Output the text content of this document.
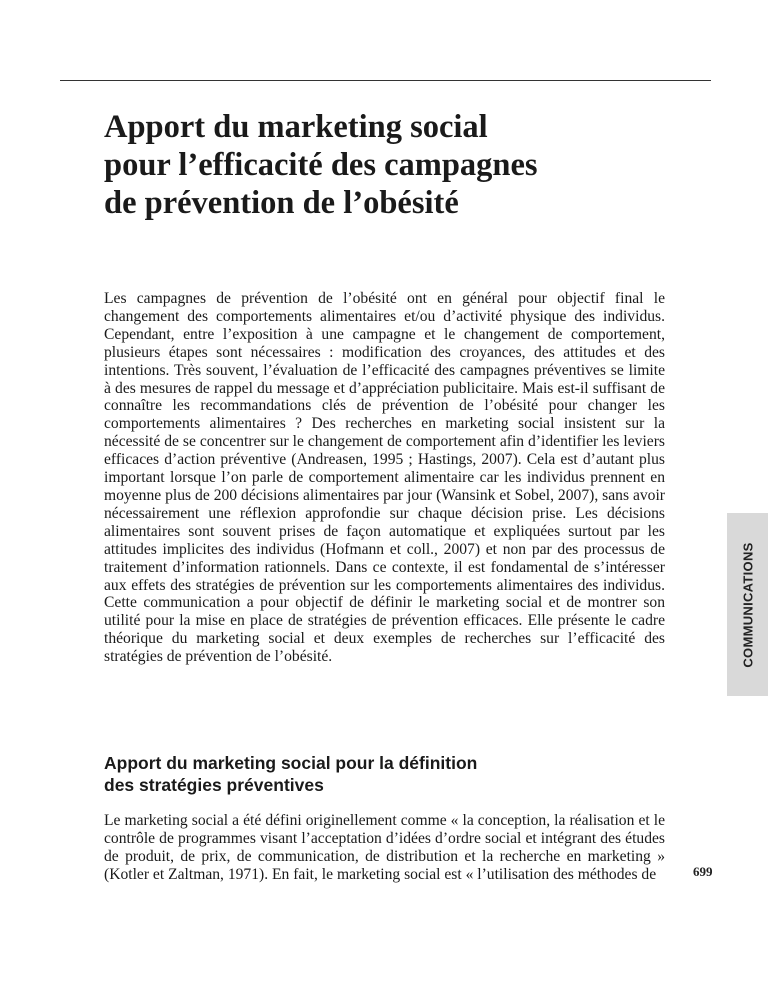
Apport du marketing social
pour l’efficacité des campagnes
de prévention de l’obésité

Les campagnes de prévention de l’obésité ont en général pour objectif final le changement des comportements alimentaires et/ou d’activité physique des individus. Cependant, entre l’exposition à une campagne et le changement de comportement, plusieurs étapes sont nécessaires : modification des croyances, des attitudes et des intentions. Très souvent, l’évaluation de l’efficacité des campagnes préventives se limite à des mesures de rappel du message et d’appréciation publicitaire. Mais est-il suffisant de connaître les recommandations clés de prévention de l’obésité pour changer les comportements alimentaires ? Des recherches en marketing social insistent sur la nécessité de se concentrer sur le changement de comportement afin d’identifier les leviers efficaces d’action préventive (Andreasen, 1995 ; Hastings, 2007). Cela est d’autant plus important lorsque l’on parle de comportement alimentaire car les individus prennent en moyenne plus de 200 décisions alimentaires par jour (Wansink et Sobel, 2007), sans avoir nécessairement une réflexion approfondie sur chaque décision prise. Les décisions alimentaires sont souvent prises de façon automatique et expliquées surtout par les attitudes implicites des individus (Hofmann et coll., 2007) et non par des processus de traitement d’information rationnels. Dans ce contexte, il est fondamental de s’intéresser aux effets des stratégies de prévention sur les comportements alimentaires des individus. Cette communication a pour objectif de définir le marketing social et de montrer son utilité pour la mise en place de stratégies de prévention efficaces. Elle présente le cadre théorique du marketing social et deux exemples de recherches sur l’efficacité des stratégies de prévention de l’obésité.

Apport du marketing social pour la définition
des stratégies préventives

Le marketing social a été défini originellement comme « la conception, la réalisation et le contrôle de programmes visant l’acceptation d’idées d’ordre social et intégrant des études de produit, de prix, de communication, de distribution et la recherche en marketing » (Kotler et Zaltman, 1971). En fait, le marketing social est « l’utilisation des méthodes de

COMMUNICATIONS
699
